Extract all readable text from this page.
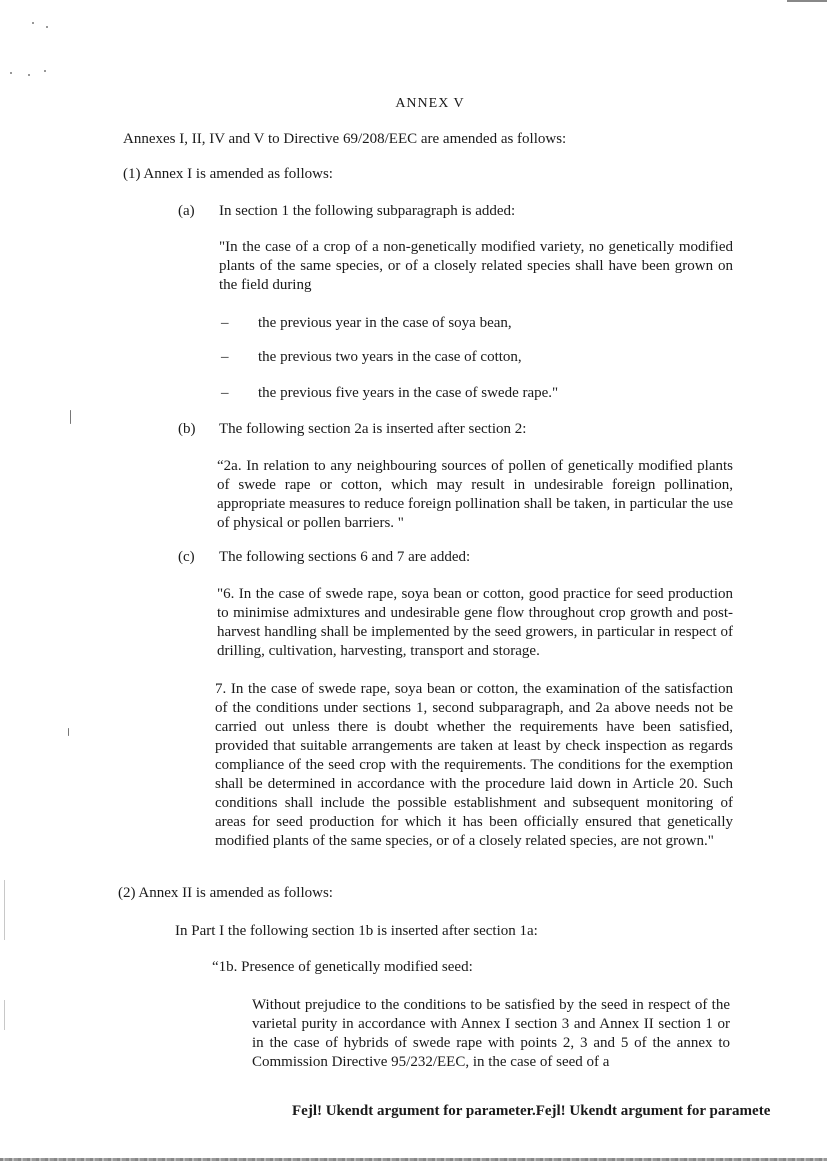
ANNEX V
Annexes I, II, IV and V to Directive 69/208/EEC are amended as follows:
(1) Annex I is amended as follows:
(a) In section 1 the following subparagraph is added:
"In the case of a crop of a non-genetically modified variety, no genetically modified plants of the same species, or of a closely related species shall have been grown on the field during
– the previous year in the case of soya bean,
– the previous two years in the case of cotton,
– the previous five years in the case of swede rape."
(b) The following section 2a is inserted after section 2:
“2a. In relation to any neighbouring sources of pollen of genetically modified plants of swede rape or cotton, which may result in undesirable foreign pollination, appropriate measures to reduce foreign pollination shall be taken, in particular the use of physical or pollen barriers. "
(c) The following sections 6 and 7 are added:
"6. In the case of swede rape, soya bean or cotton, good practice for seed production to minimise admixtures and undesirable gene flow throughout crop growth and post-harvest handling shall be implemented by the seed growers, in particular in respect of drilling, cultivation, harvesting, transport and storage.
7. In the case of swede rape, soya bean or cotton, the examination of the satisfaction of the conditions under sections 1, second subparagraph, and 2a above needs not be carried out unless there is doubt whether the requirements have been satisfied, provided that suitable arrangements are taken at least by check inspection as regards compliance of the seed crop with the requirements. The conditions for the exemption shall be determined in accordance with the procedure laid down in Article 20. Such conditions shall include the possible establishment and subsequent monitoring of areas for seed production for which it has been officially ensured that genetically modified plants of the same species, or of a closely related species, are not grown."
(2) Annex II is amended as follows:
In Part I the following section 1b is inserted after section 1a:
“1b. Presence of genetically modified seed:
Without prejudice to the conditions to be satisfied by the seed in respect of the varietal purity in accordance with Annex I section 3 and Annex II section 1 or in the case of hybrids of swede rape with points 2, 3 and 5 of the annex to Commission Directive 95/232/EEC, in the case of seed of a
Fejl! Ukendt argument for parameter.Fejl! Ukendt argument for paramete
